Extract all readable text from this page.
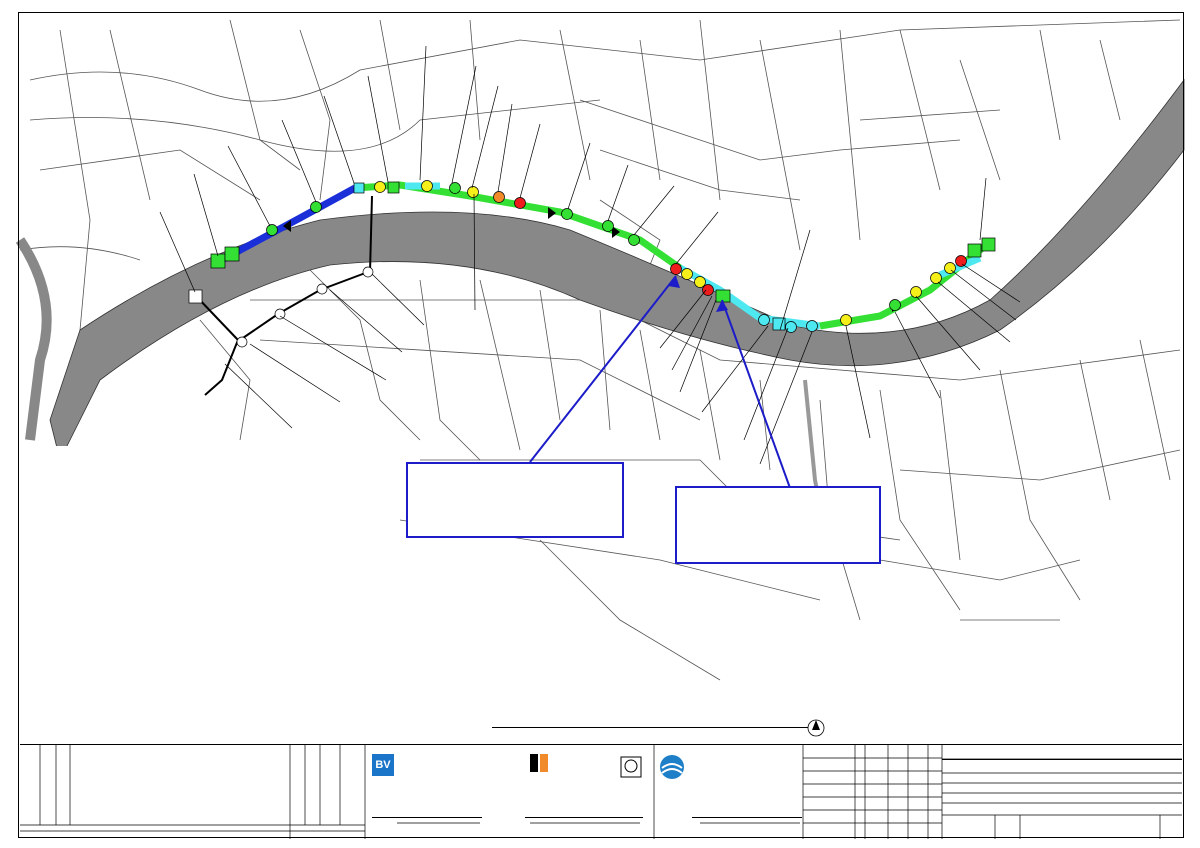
BV
